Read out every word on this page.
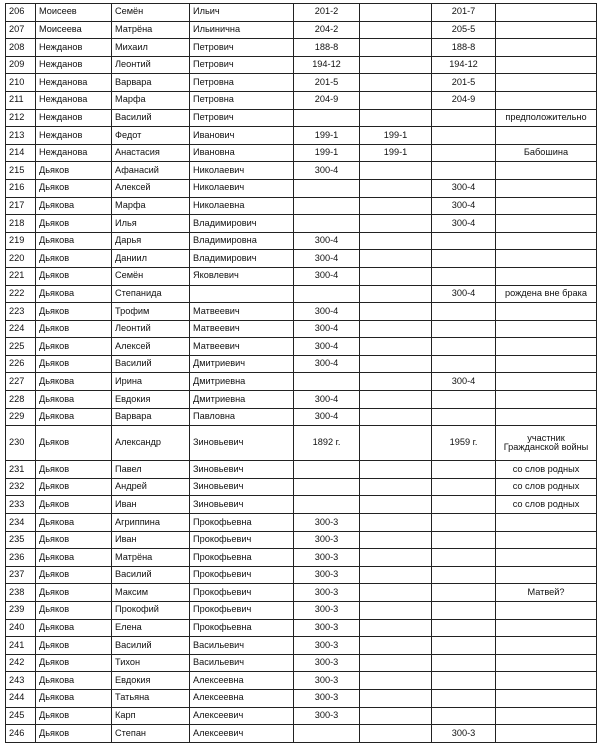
206	Моисеев	Семён	Ильич	201-2		201-7	
207	Моисеева	Матрёна	Ильинична	204-2		205-5	
208	Нежданов	Михаил	Петрович	188-8		188-8	
209	Нежданов	Леонтий	Петрович	194-12		194-12	
210	Нежданова	Варвара	Петровна	201-5		201-5	
211	Нежданова	Марфа	Петровна	204-9		204-9	
212	Нежданов	Василий	Петрович				предположительно
213	Нежданов	Федот	Иванович	199-1	199-1		
214	Нежданова	Анастасия	Ивановна	199-1	199-1		Бабошина
215	Дьяков	Афанасий	Николаевич	300-4			
216	Дьяков	Алексей	Николаевич			300-4	
217	Дьякова	Марфа	Николаевна			300-4	
218	Дьяков	Илья	Владимирович			300-4	
219	Дьякова	Дарья	Владимировна	300-4			
220	Дьяков	Даниил	Владимирович	300-4			
221	Дьяков	Семён	Яковлевич	300-4			
222	Дьякова	Степанида				300-4	рождена вне брака
223	Дьяков	Трофим	Матвеевич	300-4			
224	Дьяков	Леонтий	Матвеевич	300-4			
225	Дьяков	Алексей	Матвеевич	300-4			
226	Дьяков	Василий	Дмитриевич	300-4			
227	Дьякова	Ирина	Дмитриевна			300-4	
228	Дьякова	Евдокия	Дмитриевна	300-4			
229	Дьякова	Варвара	Павловна	300-4			
230	Дьяков	Александр	Зиновьевич	1892 г.		1959 г.	участник Гражданской войны
231	Дьяков	Павел	Зиновьевич				со слов родных
232	Дьяков	Андрей	Зиновьевич				со слов родных
233	Дьяков	Иван	Зиновьевич				со слов родных
234	Дьякова	Агриппина	Прокофьевна	300-3			
235	Дьяков	Иван	Прокофьевич	300-3			
236	Дьякова	Матрёна	Прокофьевна	300-3			
237	Дьяков	Василий	Прокофьевич	300-3			
238	Дьяков	Максим	Прокофьевич	300-3			Матвей?
239	Дьяков	Прокофий	Прокофьевич	300-3			
240	Дьякова	Елена	Прокофьевна	300-3			
241	Дьяков	Василий	Васильевич	300-3			
242	Дьяков	Тихон	Васильевич	300-3			
243	Дьякова	Евдокия	Алексеевна	300-3			
244	Дьякова	Татьяна	Алексеевна	300-3			
245	Дьяков	Карп	Алексеевич	300-3			
246	Дьяков	Степан	Алексеевич			300-3	
